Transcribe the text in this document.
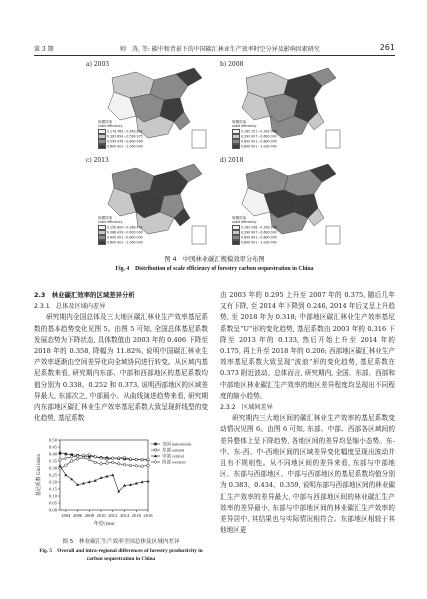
第 3 期	帅　涛, 等: 碳中和背景下的中国碳汇林业生产效率时空分异及影响因素研究	261
a) 2003
规模效率
scale efficiency
0.179 785～0.363 692
0.363 693～0.599 975
0.599 976～0.800 000
0.800 001～1.000 000
b) 2008
规模效率
scale efficiency
0.165 151～0.393 006
0.393 007～0.600 000
0.600 001～0.800 000
0.800 001～1.000 000
c) 2013
规模效率
scale efficiency
0.150 600～0.386 432
0.386 433～0.600 000
0.600 001～0.800 000
0.800 001～1.000 000
d) 2018
规模效率
scale efficiency
0.163 208～0.399 996
0.399 997～0.600 000
0.600 001～0.800 000
0.800 001～1.000 000
图 4　中国林业碳汇规模效率分布图
Fig. 4　Distribution of scale efficiency of forestry carbon sequestration in China
2.3　林业碳汇效率的区域差异分析
2.3.1　总体及区域内差异
研究期内全国总体及三大地区碳汇林业生产效率基尼系数的基本趋势变化见图 5。由图 5 可知, 全国总体基尼系数发展态势为下降状态, 具体数值由 2003 年的 0.406 下降至 2018 年的 0.358, 降幅为 11.82%, 说明中国碳汇林业生产效率逐渐由空间差异化向全域协同进行转变。从区域内基尼系数来看, 研究期内东部、中部和西部地区的基尼系数均值分别为 0.338、0.252 和 0.373, 说明西部地区的区域差异最大, 东部次之, 中部最小。从曲线演进趋势来看, 研究期内东部地区碳汇林业生产效率基尼系数大致呈现折线型的变化趋势, 基尼系数
0.00
0.05
0.10
0.15
0.20
0.25
0.30
0.35
0.40
0.45
0.50
2004 2006 2008 2010 2012 2014 2016 2018
年份/year
基尼系数 Gini index
全国 nationwide
东部 eastern
中部 central
西部 western
图 5　林业碳汇生产效率全国总体及区域内差异
Fig. 5　Overall and intra-regional differences of forestry productivity in carbon sequestration in China
由 2003 年的 0.295 上升至 2007 年的 0.375, 随后几年又有下降, 至 2014 年下降到 0.246, 2014 年后又呈上升趋势, 至 2018 年为 0.318; 中部地区碳汇林业生产效率基尼系数呈“U”形的变化趋势, 基尼系数由 2003 年的 0.316 下降至 2013 年的 0.133, 然后开始上升至 2014 年的 0.175, 再上升至 2018 年的 0.206; 西部地区碳汇林业生产效率基尼系数大致呈现“波浪”形的变化趋势, 基尼系数在 0.373 附近波动。总体而言, 研究期内, 全国、东部、西部和中部地区林业碳汇生产效率的地区差异程度均呈现出不同程度的缩小趋势。
2.3.2　区域间差异
研究期内三大地区间的碳汇林业生产效率的基尼系数变动情况见图 6。由图 6 可知, 东部、中部、西部各区域间的差异整体上呈下降趋势, 各地区间的差异均呈缩小态势。东-中、东-西、中-西地区间的区域差异变化幅度呈现出波动并且有不规则性。从不同地区间的差异来看, 东部与中部地区、东部与西部地区、中部与西部地区的基尼系数均值分别为 0.383、0.434、0.359, 说明东部与西部地区间的林业碳汇生产效率的差异最大, 中部与西部地区间的林业碳汇生产效率的差异最小, 东部与中部地区间的林业碳汇生产效率的差异居中, 其结果也与实际情况相符合。东部地区相较于其他地区更
